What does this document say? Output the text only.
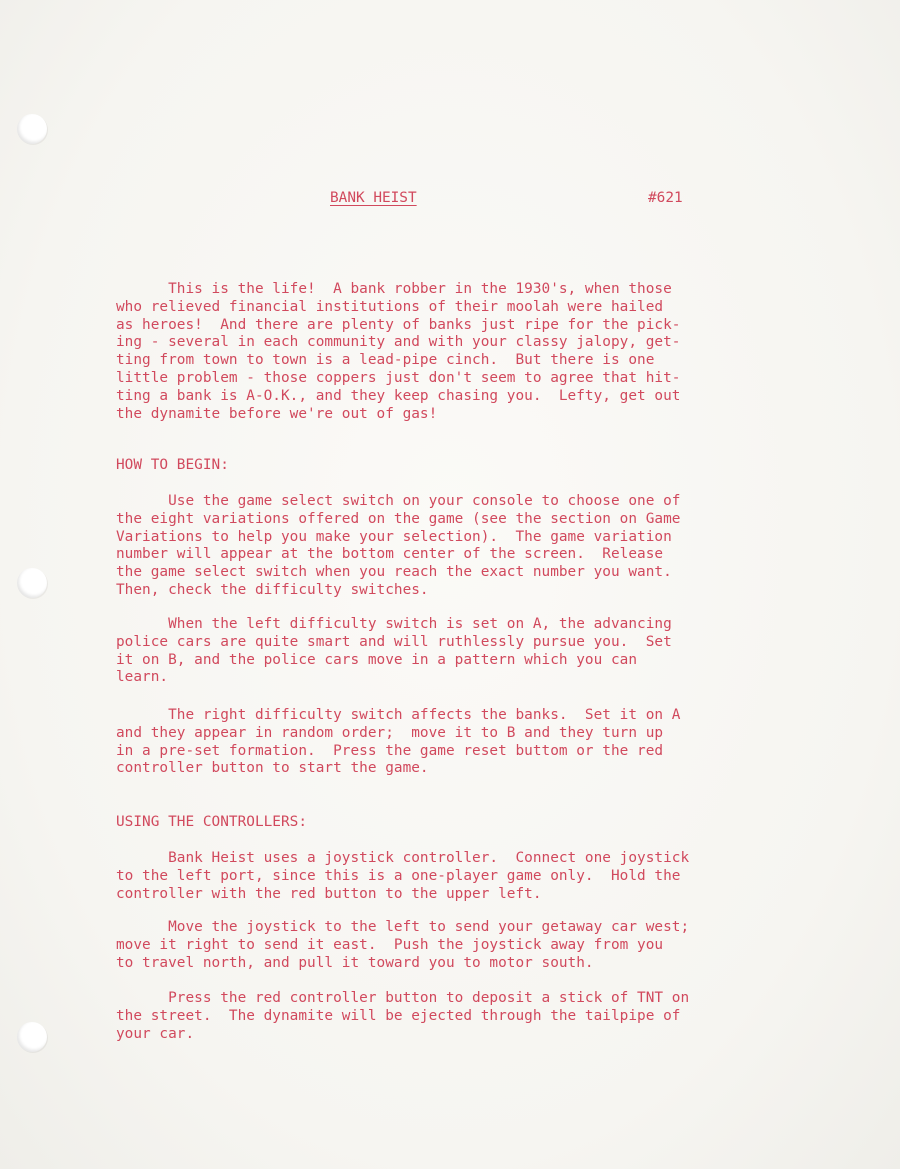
BANK HEIST	#621

This is the life!  A bank robber in the 1930's, when those
who relieved financial institutions of their moolah were hailed
as heroes!  And there are plenty of banks just ripe for the pick-
ing - several in each community and with your classy jalopy, get-
ting from town to town is a lead-pipe cinch.  But there is one
little problem - those coppers just don't seem to agree that hit-
ting a bank is A-O.K., and they keep chasing you.  Lefty, get out
the dynamite before we're out of gas!

HOW TO BEGIN:

Use the game select switch on your console to choose one of
the eight variations offered on the game (see the section on Game
Variations to help you make your selection).  The game variation
number will appear at the bottom center of the screen.  Release
the game select switch when you reach the exact number you want.
Then, check the difficulty switches.

When the left difficulty switch is set on A, the advancing
police cars are quite smart and will ruthlessly pursue you.  Set
it on B, and the police cars move in a pattern which you can
learn.

The right difficulty switch affects the banks.  Set it on A
and they appear in random order;  move it to B and they turn up
in a pre-set formation.  Press the game reset buttom or the red
controller button to start the game.

USING THE CONTROLLERS:

Bank Heist uses a joystick controller.  Connect one joystick
to the left port, since this is a one-player game only.  Hold the
controller with the red button to the upper left.

Move the joystick to the left to send your getaway car west;
move it right to send it east.  Push the joystick away from you
to travel north, and pull it toward you to motor south.

Press the red controller button to deposit a stick of TNT on
the street.  The dynamite will be ejected through the tailpipe of
your car.
